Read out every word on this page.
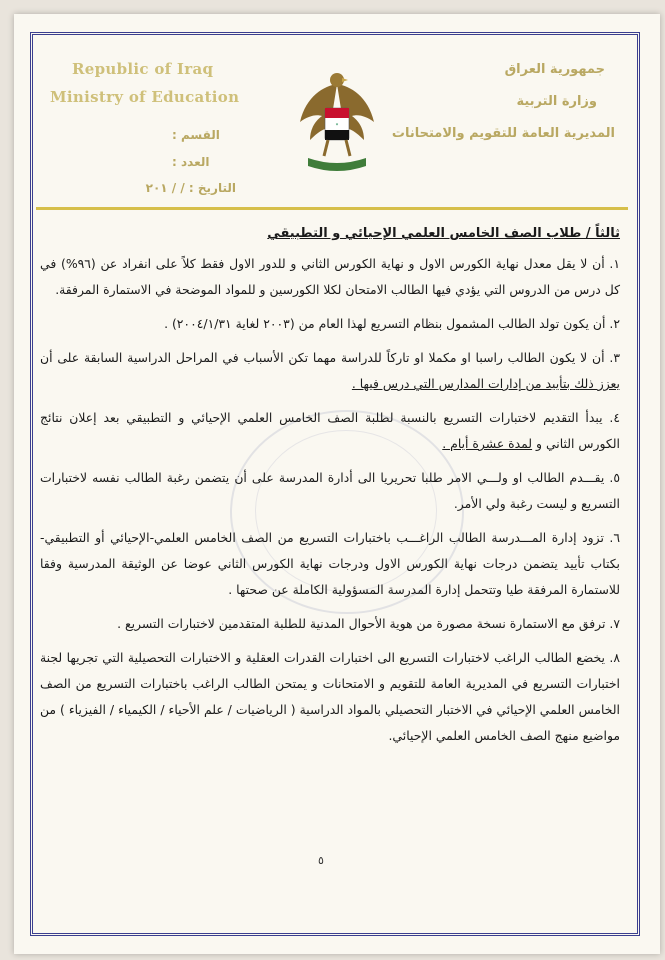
Republic of Iraq
Ministry of Education
جمهورية العراق
وزارة التربية
المديرية العامة للتقويم والامتحانات
القسم :
العدد :
التاريخ : / / ٢٠١
*
ثالثاً / طلاب الصف الخامس العلمي الإحيائي و التطبيقي
١. أن لا يقل معدل نهاية الكورس الاول و نهاية الكورس الثاني و للدور الاول فقط كلاً على انفراد عن (٩٦%) في كل درس من الدروس التي يؤدي فيها الطالب الامتحان لكلا الكورسين و للمواد الموضحة في الاستمارة المرفقة.
٢. أن يكون تولد الطالب المشمول بنظام التسريع لهذا العام من (٢٠٠٣ لغاية ٢٠٠٤/١/٣١) .
٣. أن لا يكون الطالب راسبا او مكملا او تاركاً للدراسة مهما تكن الأسباب في المراحل الدراسية السابقة على أن يعزز ذلك بتأييد من إدارات المدارس التي درس فيها .
٤. يبدأ التقديم لاختبارات التسريع بالنسبة لطلبة الصف الخامس العلمي الإحيائي و التطبيقي بعد إعلان نتائج الكورس الثاني و لمدة عشرة أيام .
٥. يقـــدم الطالب او ولـــي الامر طلبا تحريريا الى أدارة المدرسة على أن يتضمن رغبة الطالب نفسه لاختبارات التسريع و ليست رغبة ولي الأمر.
٦. تزود إدارة المـــدرسة الطالب الراغـــب باختبارات التسريع من الصف الخامس العلمي-الإحيائي أو التطبيقي-بكتاب تأييد يتضمن درجات نهاية الكورس الاول ودرجات نهاية الكورس الثاني عوضا عن الوثيقة المدرسية وفقا للاستمارة المرفقة طيا وتتحمل إدارة المدرسة المسؤولية الكاملة عن صحتها .
٧. ترفق مع الاستمارة نسخة مصورة من هوية الأحوال المدنية للطلبة المتقدمين لاختبارات التسريع .
٨. يخضع الطالب الراغب لاختبارات التسريع الى اختبارات القدرات العقلية و الاختبارات التحصيلية التي تجريها لجنة اختبارات التسريع في المديرية العامة للتقويم و الامتحانات و يمتحن الطالب الراغب باختبارات التسريع من الصف الخامس العلمي الإحيائي في الاختبار التحصيلي بالمواد الدراسية ( الرياضيات / علم الأحياء / الكيمياء / الفيزياء ) من مواضيع منهج الصف الخامس العلمي الإحيائي.
٥
